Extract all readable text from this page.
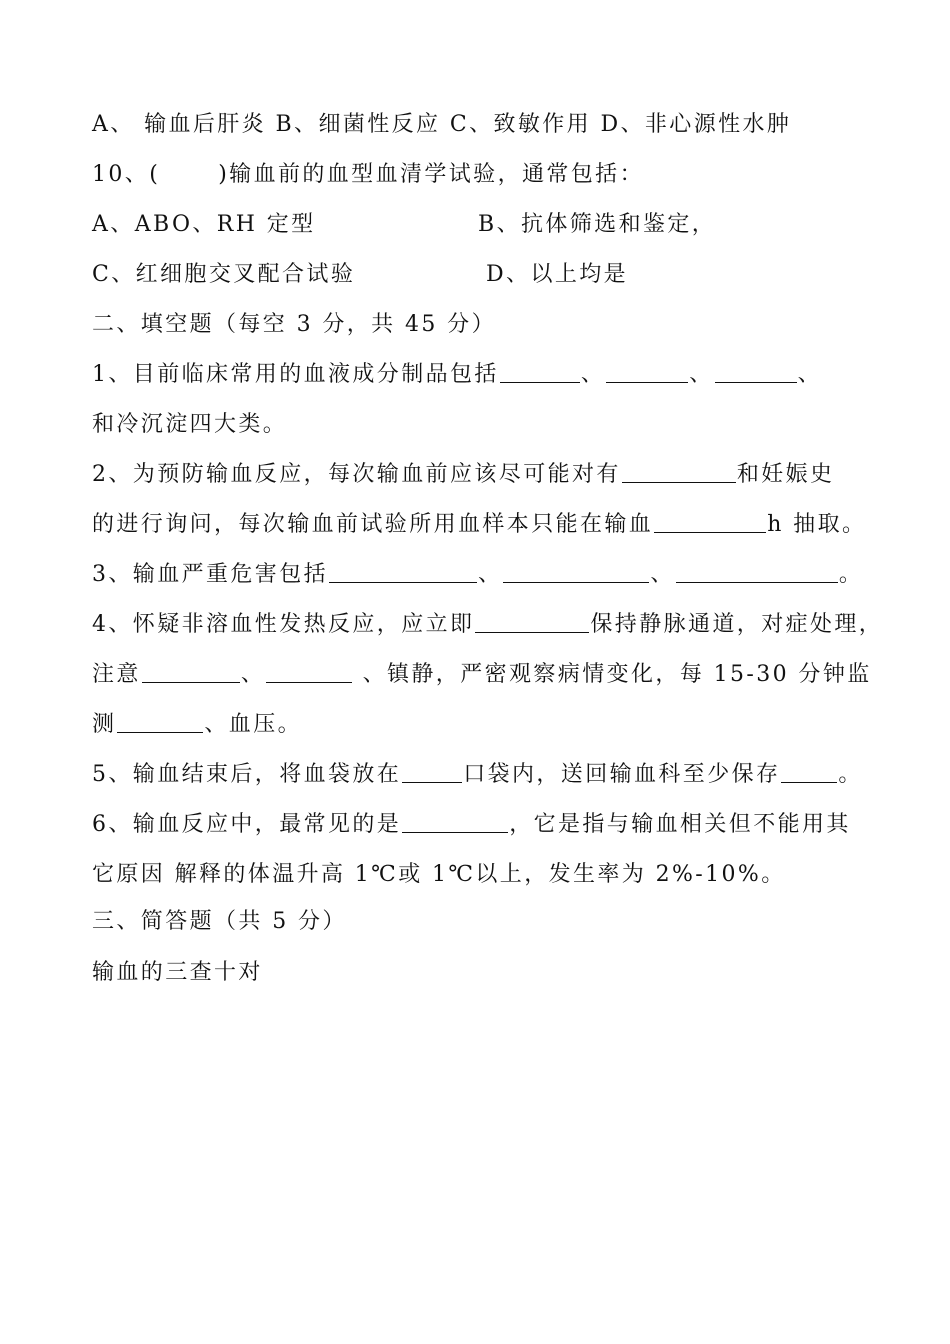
A、 输血后肝炎 B、细菌性反应 C、致敏作用 D、非心源性水肿
10、(	)输血前的血型血清学试验，通常包括：
A、ABO、RH 定型	B、抗体筛选和鉴定，
C、红细胞交叉配合试验	D、以上均是
二、填空题（每空 3 分，共 45 分）
1、目前临床常用的血液成分制品包括	、	、	、
和冷沉淀四大类。
2、为预防输血反应，每次输血前应该尽可能对有	和妊娠史
的进行询问，每次输血前试验所用血样本只能在输血	h 抽取。
3、输血严重危害包括	、	、	。
4、怀疑非溶血性发热反应，应立即	保持静脉通道，对症处理，
注意	、	、镇静，严密观察病情变化，每 15-30 分钟监
测	、血压。
5、输血结束后，将血袋放在	口袋内，送回输血科至少保存	。
6、输血反应中，最常见的是	，它是指与输血相关但不能用其
它原因 解释的体温升高 1℃或 1℃以上，发生率为 2%-10%。
三、简答题（共 5 分）
输血的三查十对
